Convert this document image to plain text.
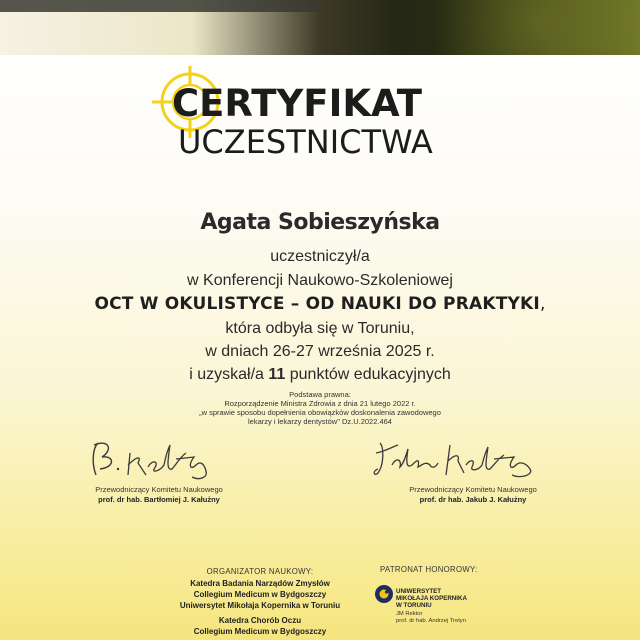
CERTYFIKAT
UCZESTNICTWA
Agata Sobieszyńska
uczestniczył/a
w Konferencji Naukowo-Szkoleniowej
OCT W OKULISTYCE – OD NAUKI DO PRAKTYKI,
która odbyła się w Toruniu,
w dniach 26-27 września 2025 r.
i uzyskał/a 11 punktów edukacyjnych
Podstawa prawna:
Rozporządzenie Ministra Zdrowia z dnia 21 lutego 2022 r.
„w sprawie sposobu dopełnienia obowiązków doskonalenia zawodowego
lekarzy i lekarzy dentystów" Dz.U.2022.464
Przewodniczący Komitetu Naukowego
prof. dr hab. Bartłomiej J. Kałużny
Przewodniczący Komitetu Naukowego
prof. dr hab. Jakub J. Kałużny
ORGANIZATOR NAUKOWY:
Katedra Badania Narządów Zmysłów
Collegium Medicum w Bydgoszczy
Uniwersytet Mikołaja Kopernika w Toruniu
Katedra Chorób Oczu
Collegium Medicum w Bydgoszczy
PATRONAT HONOROWY:
UNIWERSYTET
MIKOŁAJA KOPERNIKA
W TORUNIU
JM Rektor
prof. dr hab. Andrzej Tretyn
